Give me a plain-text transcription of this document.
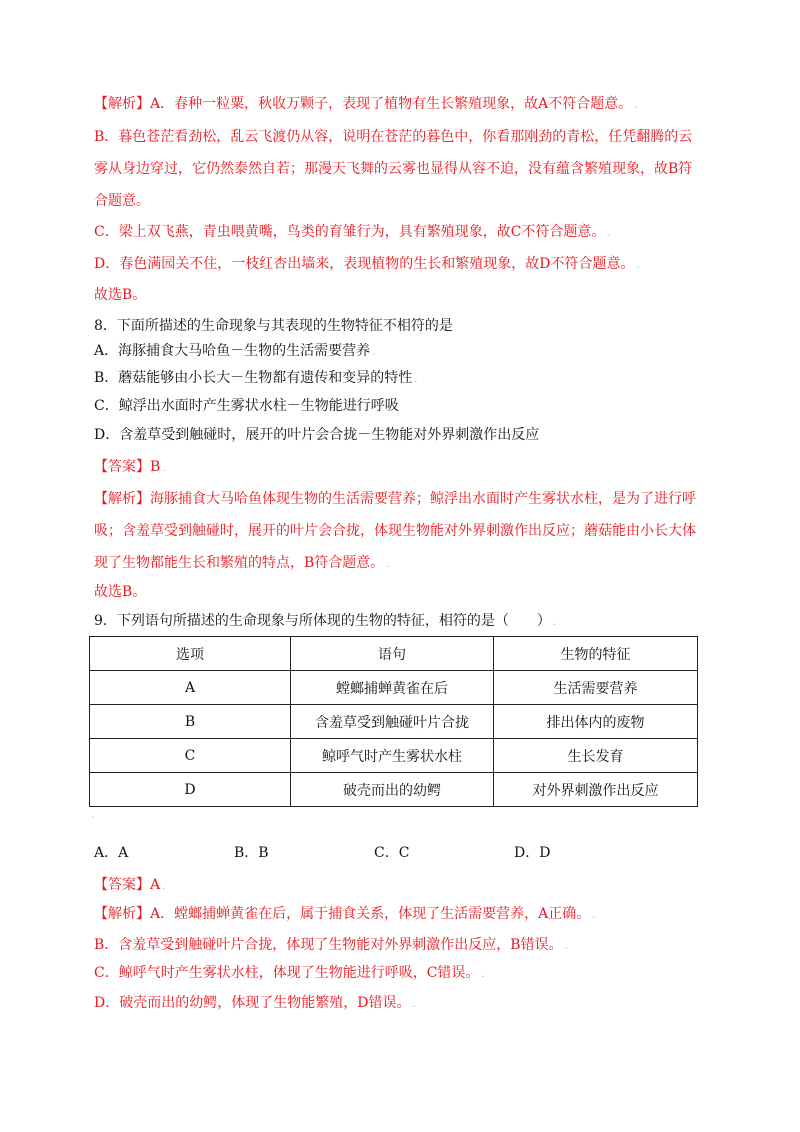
【解析】A．春种一粒粟，秋收万颗子，表现了植物有生长繁殖现象，故A不符合题意。 .
B．暮色苍茫看劲松，乱云飞渡仍从容，说明在苍茫的暮色中，你看那刚劲的青松，任凭翻腾的云
雾从身边穿过，它仍然泰然自若；那漫天飞舞的云雾也显得从容不迫，没有蕴含繁殖现象，故B符
合题意。
C．梁上双飞燕，青虫喂黄嘴，鸟类的育雏行为，具有繁殖现象，故C不符合题意。 .
D．春色满园关不住，一枝红杏出墙来，表现植物的生长和繁殖现象，故D不符合题意。 .
故选B。
8．下面所描述的生命现象与其表现的生物特征不相符的是
A．海豚捕食大马哈鱼－生物的生活需要营养 .
B．蘑菇能够由小长大－生物都有遗传和变异的特性 .
C．鲸浮出水面时产生雾状水柱－生物能进行呼吸
D．含羞草受到触碰时，展开的叶片会合拢－生物能对外界刺激作出反应
【答案】B .
【解析】海豚捕食大马哈鱼体现生物的生活需要营养；鲸浮出水面时产生雾状水柱，是为了进行呼
吸；含羞草受到触碰时，展开的叶片会合拢，体现生物能对外界刺激作出反应；蘑菇能由小长大体
现了生物都能生长和繁殖的特点，B符合题意。 .
故选B。
9．下列语句所描述的生命现象与所体现的生物的特征，相符的是（　　） .
选项	语句	生物的特征
A	螳螂捕蝉黄雀在后	生活需要营养
B	含羞草受到触碰叶片合拢	排出体内的废物
C	鲸呼气时产生雾状水柱	生长发育
D	破壳而出的幼鳄	对外界刺激作出反应
.
A．A	B．B	C．C	D．D
【答案】A .
【解析】A．螳螂捕蝉黄雀在后，属于捕食关系，体现了生活需要营养，A正确。 .
B．含羞草受到触碰叶片合拢，体现了生物能对外界刺激作出反应，B错误。 .
C．鲸呼气时产生雾状水柱，体现了生物能进行呼吸，C错误。 .
D．破壳而出的幼鳄，体现了生物能繁殖，D错误。 .
